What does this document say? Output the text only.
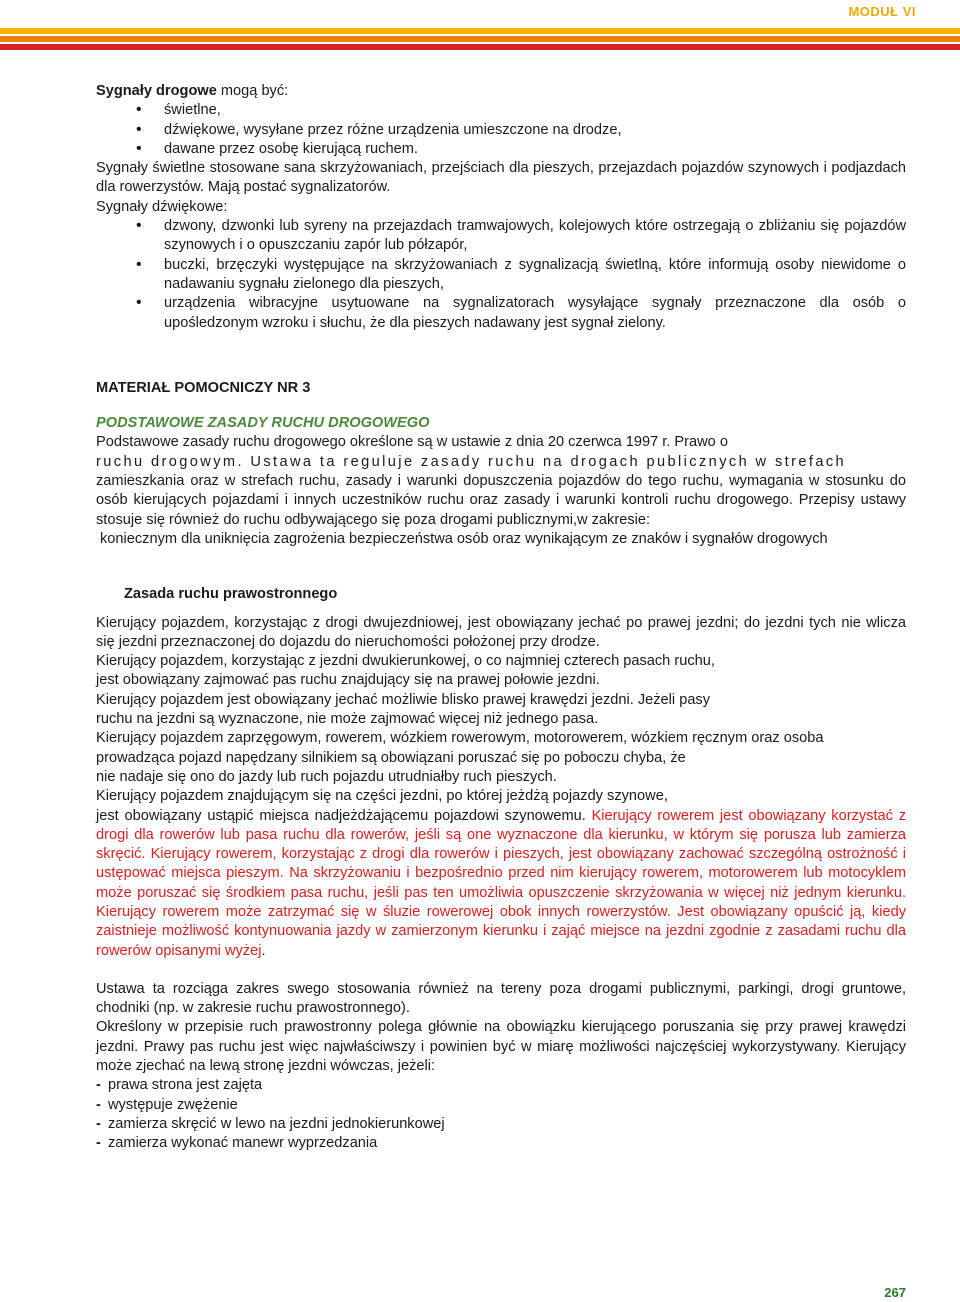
MODUŁ VI

Sygnały drogowe mogą być:

• świetlne,
• dźwiękowe, wysyłane przez różne urządzenia umieszczone na drodze,
• dawane przez osobę kierującą ruchem.

Sygnały świetlne stosowane sana skrzyżowaniach, przejściach dla pieszych, przejazdach pojazdów szynowych i podjazdach dla rowerzystów. Mają postać sygnalizatorów.

Sygnały dźwiękowe:

• dzwony, dzwonki lub syreny na przejazdach tramwajowych, kolejowych które ostrzegają o zbliżaniu się pojazdów szynowych i o opuszczaniu zapór lub półzapór,
• buczki, brzęczyki występujące na skrzyżowaniach z sygnalizacją świetlną, które informują osoby niewidome o nadawaniu sygnału zielonego dla pieszych,
• urządzenia wibracyjne usytuowane na sygnalizatorach wysyłające sygnały przeznaczone dla osób o upośledzonym wzroku i słuchu, że dla pieszych nadawany jest sygnał zielony.

MATERIAŁ POMOCNICZY NR 3

PODSTAWOWE ZASADY RUCHU DROGOWEGO

Podstawowe zasady ruchu drogowego określone są w ustawie z dnia 20 czerwca 1997 r. Prawo o

ruchu drogowym. Ustawa ta reguluje zasady ruchu na drogach publicznych w strefach

zamieszkania oraz w strefach ruchu, zasady i warunki dopuszczenia pojazdów do tego ruchu, wymagania w stosunku do osób kierujących pojazdami i innych uczestników ruchu oraz zasady i warunki kontroli ruchu drogowego. Przepisy ustawy stosuje się również do ruchu odbywającego się poza drogami publicznymi,w zakresie:

koniecznym dla uniknięcia zagrożenia bezpieczeństwa osób oraz wynikającym ze znaków i sygnałów drogowych

Zasada ruchu prawostronnego

Kierujący pojazdem, korzystając z drogi dwujezdniowej, jest obowiązany jechać po prawej jezdni; do jezdni tych nie wlicza się jezdni przeznaczonej do dojazdu do nieruchomości położonej przy drodze.

Kierujący pojazdem, korzystając z jezdni dwukierunkowej, o co najmniej czterech pasach ruchu,

jest obowiązany zajmować pas ruchu znajdujący się na prawej połowie jezdni.

Kierujący pojazdem jest obowiązany jechać możliwie blisko prawej krawędzi jezdni. Jeżeli pasy

ruchu na jezdni są wyznaczone, nie może zajmować więcej niż jednego pasa.

Kierujący pojazdem zaprzęgowym, rowerem, wózkiem rowerowym, motorowerem, wózkiem ręcznym oraz osoba

prowadząca pojazd napędzany silnikiem są obowiązani poruszać się po poboczu chyba, że

nie nadaje się ono do jazdy lub ruch pojazdu utrudniałby ruch pieszych.

Kierujący pojazdem znajdującym się na części jezdni, po której jeżdżą pojazdy szynowe,

jest obowiązany ustąpić miejsca nadjeżdżającemu pojazdowi szynowemu. Kierujący rowerem jest obowiązany korzystać z drogi dla rowerów lub pasa ruchu dla rowerów, jeśli są one wyznaczone dla kierunku, w którym się porusza lub zamierza skręcić. Kierujący rowerem, korzystając z drogi dla rowerów i pieszych, jest obowiązany zachować szczególną ostrożność i ustępować miejsca pieszym. Na skrzyżowaniu i bezpośrednio przed nim kierujący rowerem, motorowerem lub motocyklem może poruszać się środkiem pasa ruchu, jeśli pas ten umożliwia opuszczenie skrzyżowania w więcej niż jednym kierunku. Kierujący rowerem może zatrzymać się w śluzie rowerowej obok innych rowerzystów. Jest obowiązany opuścić ją, kiedy zaistnieje możliwość kontynuowania jazdy w zamierzonym kierunku i zająć miejsce na jezdni zgodnie z zasadami ruchu dla rowerów opisanymi wyżej.

Ustawa ta rozciąga zakres swego stosowania również na tereny poza drogami publicznymi, parkingi, drogi gruntowe, chodniki (np. w zakresie ruchu prawostronnego).

Określony w przepisie ruch prawostronny polega głównie na obowiązku kierującego poruszania się przy prawej krawędzi jezdni. Prawy pas ruchu jest więc najwłaściwszy i powinien być w miarę możliwości najczęściej wykorzystywany. Kierujący może zjechać na lewą stronę jezdni wówczas, jeżeli:

- prawa strona jest zajęta
- występuje zwężenie
- zamierza skręcić w lewo na jezdni jednokierunkowej
- zamierza wykonać manewr wyprzedzania
267
